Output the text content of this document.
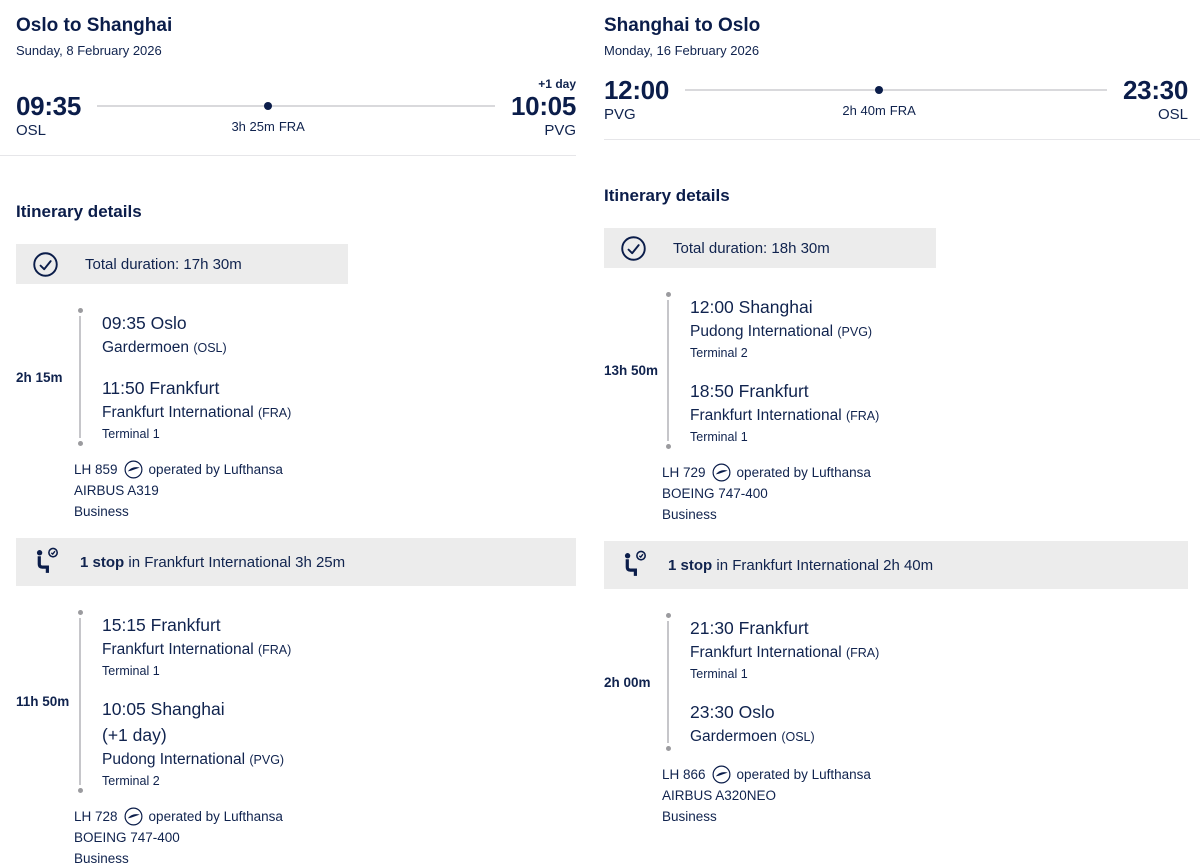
Oslo to Shanghai
Sunday, 8 February 2026
09:35
OSL	3h 25m FRA
+1 day
10:05
PVG
Itinerary details
Total duration: 17h 30m
2h 15m
09:35 Oslo
Gardermoen (OSL)
11:50 Frankfurt
Frankfurt International (FRA)
Terminal 1
LH 859 operated by Lufthansa
AIRBUS A319
Business
1 stop in Frankfurt International 3h 25m
11h 50m
15:15 Frankfurt
Frankfurt International (FRA)
Terminal 1
10:05 Shanghai
(+1 day)
Pudong International (PVG)
Terminal 2
LH 728 operated by Lufthansa
BOEING 747-400
Business
Shanghai to Oslo
Monday, 16 February 2026
12:00
PVG	2h 40m FRA
23:30
OSL
Itinerary details
Total duration: 18h 30m
13h 50m
12:00 Shanghai
Pudong International (PVG)
Terminal 2
18:50 Frankfurt
Frankfurt International (FRA)
Terminal 1
LH 729 operated by Lufthansa
BOEING 747-400
Business
1 stop in Frankfurt International 2h 40m
2h 00m
21:30 Frankfurt
Frankfurt International (FRA)
Terminal 1
23:30 Oslo
Gardermoen (OSL)
LH 866 operated by Lufthansa
AIRBUS A320NEO
Business
